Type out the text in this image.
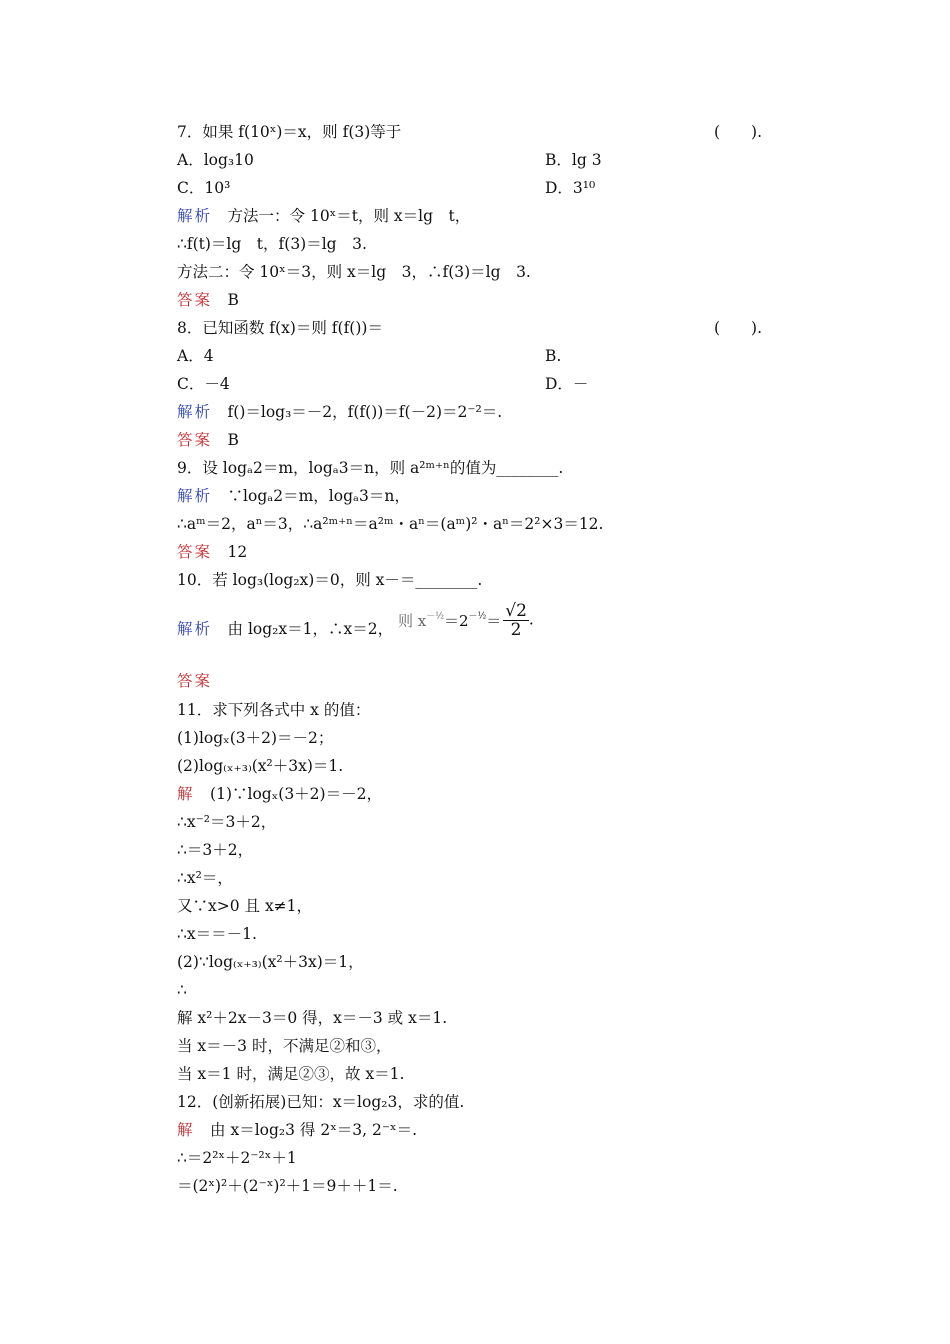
7．如果 f(10ˣ)＝x，则 f(3)等于
A．log₃10
C．10³
解析　 方法一：令 10ˣ＝t，则 x＝lg　t，
∴f(t)＝lg　t，f(3)＝lg　3.
方法二：令 10ˣ＝3，则 x＝lg　3，∴f(3)＝lg　3.
答案　 B
8．已知函数 f(x)＝则 f(f())＝
A．4
C．－4
解析　 f()＝log₃＝－2，f(f())＝f(－2)＝2⁻²＝.
答案　 B
9．设 logₐ2＝m，logₐ3＝n，则 a²ᵐ⁺ⁿ的值为________.
解析　 ∵logₐ2＝m，logₐ3＝n，
∴aᵐ＝2，aⁿ＝3，∴a²ᵐ⁺ⁿ＝a²ᵐ・aⁿ＝(aᵐ)²・aⁿ＝2²×3＝12.
答案　 12
10．若 log₃(log₂x)＝0，则 x－＝________.
解析　 由 log₂x＝1，∴x＝2，
答案　
11．求下列各式中 x 的值：
(1)logₓ(3＋2)＝－2；
(2)log₍ₓ₊₃₎(x²＋3x)＝1.
解　 (1)∵logₓ(3＋2)＝－2，
∴x⁻²＝3＋2，
∴＝3＋2，
∴x²＝，
又∵x>0 且 x≠1，
∴x＝＝－1.
(2)∵log₍ₓ₊₃₎(x²＋3x)＝1，
∴
解 x²＋2x－3＝0 得，x＝－3 或 x＝1.
当 x＝－3 时，不满足②和③，
当 x＝1 时，满足②③，故 x＝1.
12．(创新拓展)已知：x＝log₂3，求的值.
解　 由 x＝log₂3 得 2ˣ＝3, 2⁻ˣ＝.
∴＝2²ˣ＋2⁻²ˣ＋1
＝(2ˣ)²＋(2⁻ˣ)²＋1＝9＋＋1＝.
(　　).
B．lg 3
D．3¹⁰
(　　).
B.
D．－
则 $x^{-\frac{1}{2}}=2^{-\frac{1}{2}}= \frac{√2}{2}$ .
